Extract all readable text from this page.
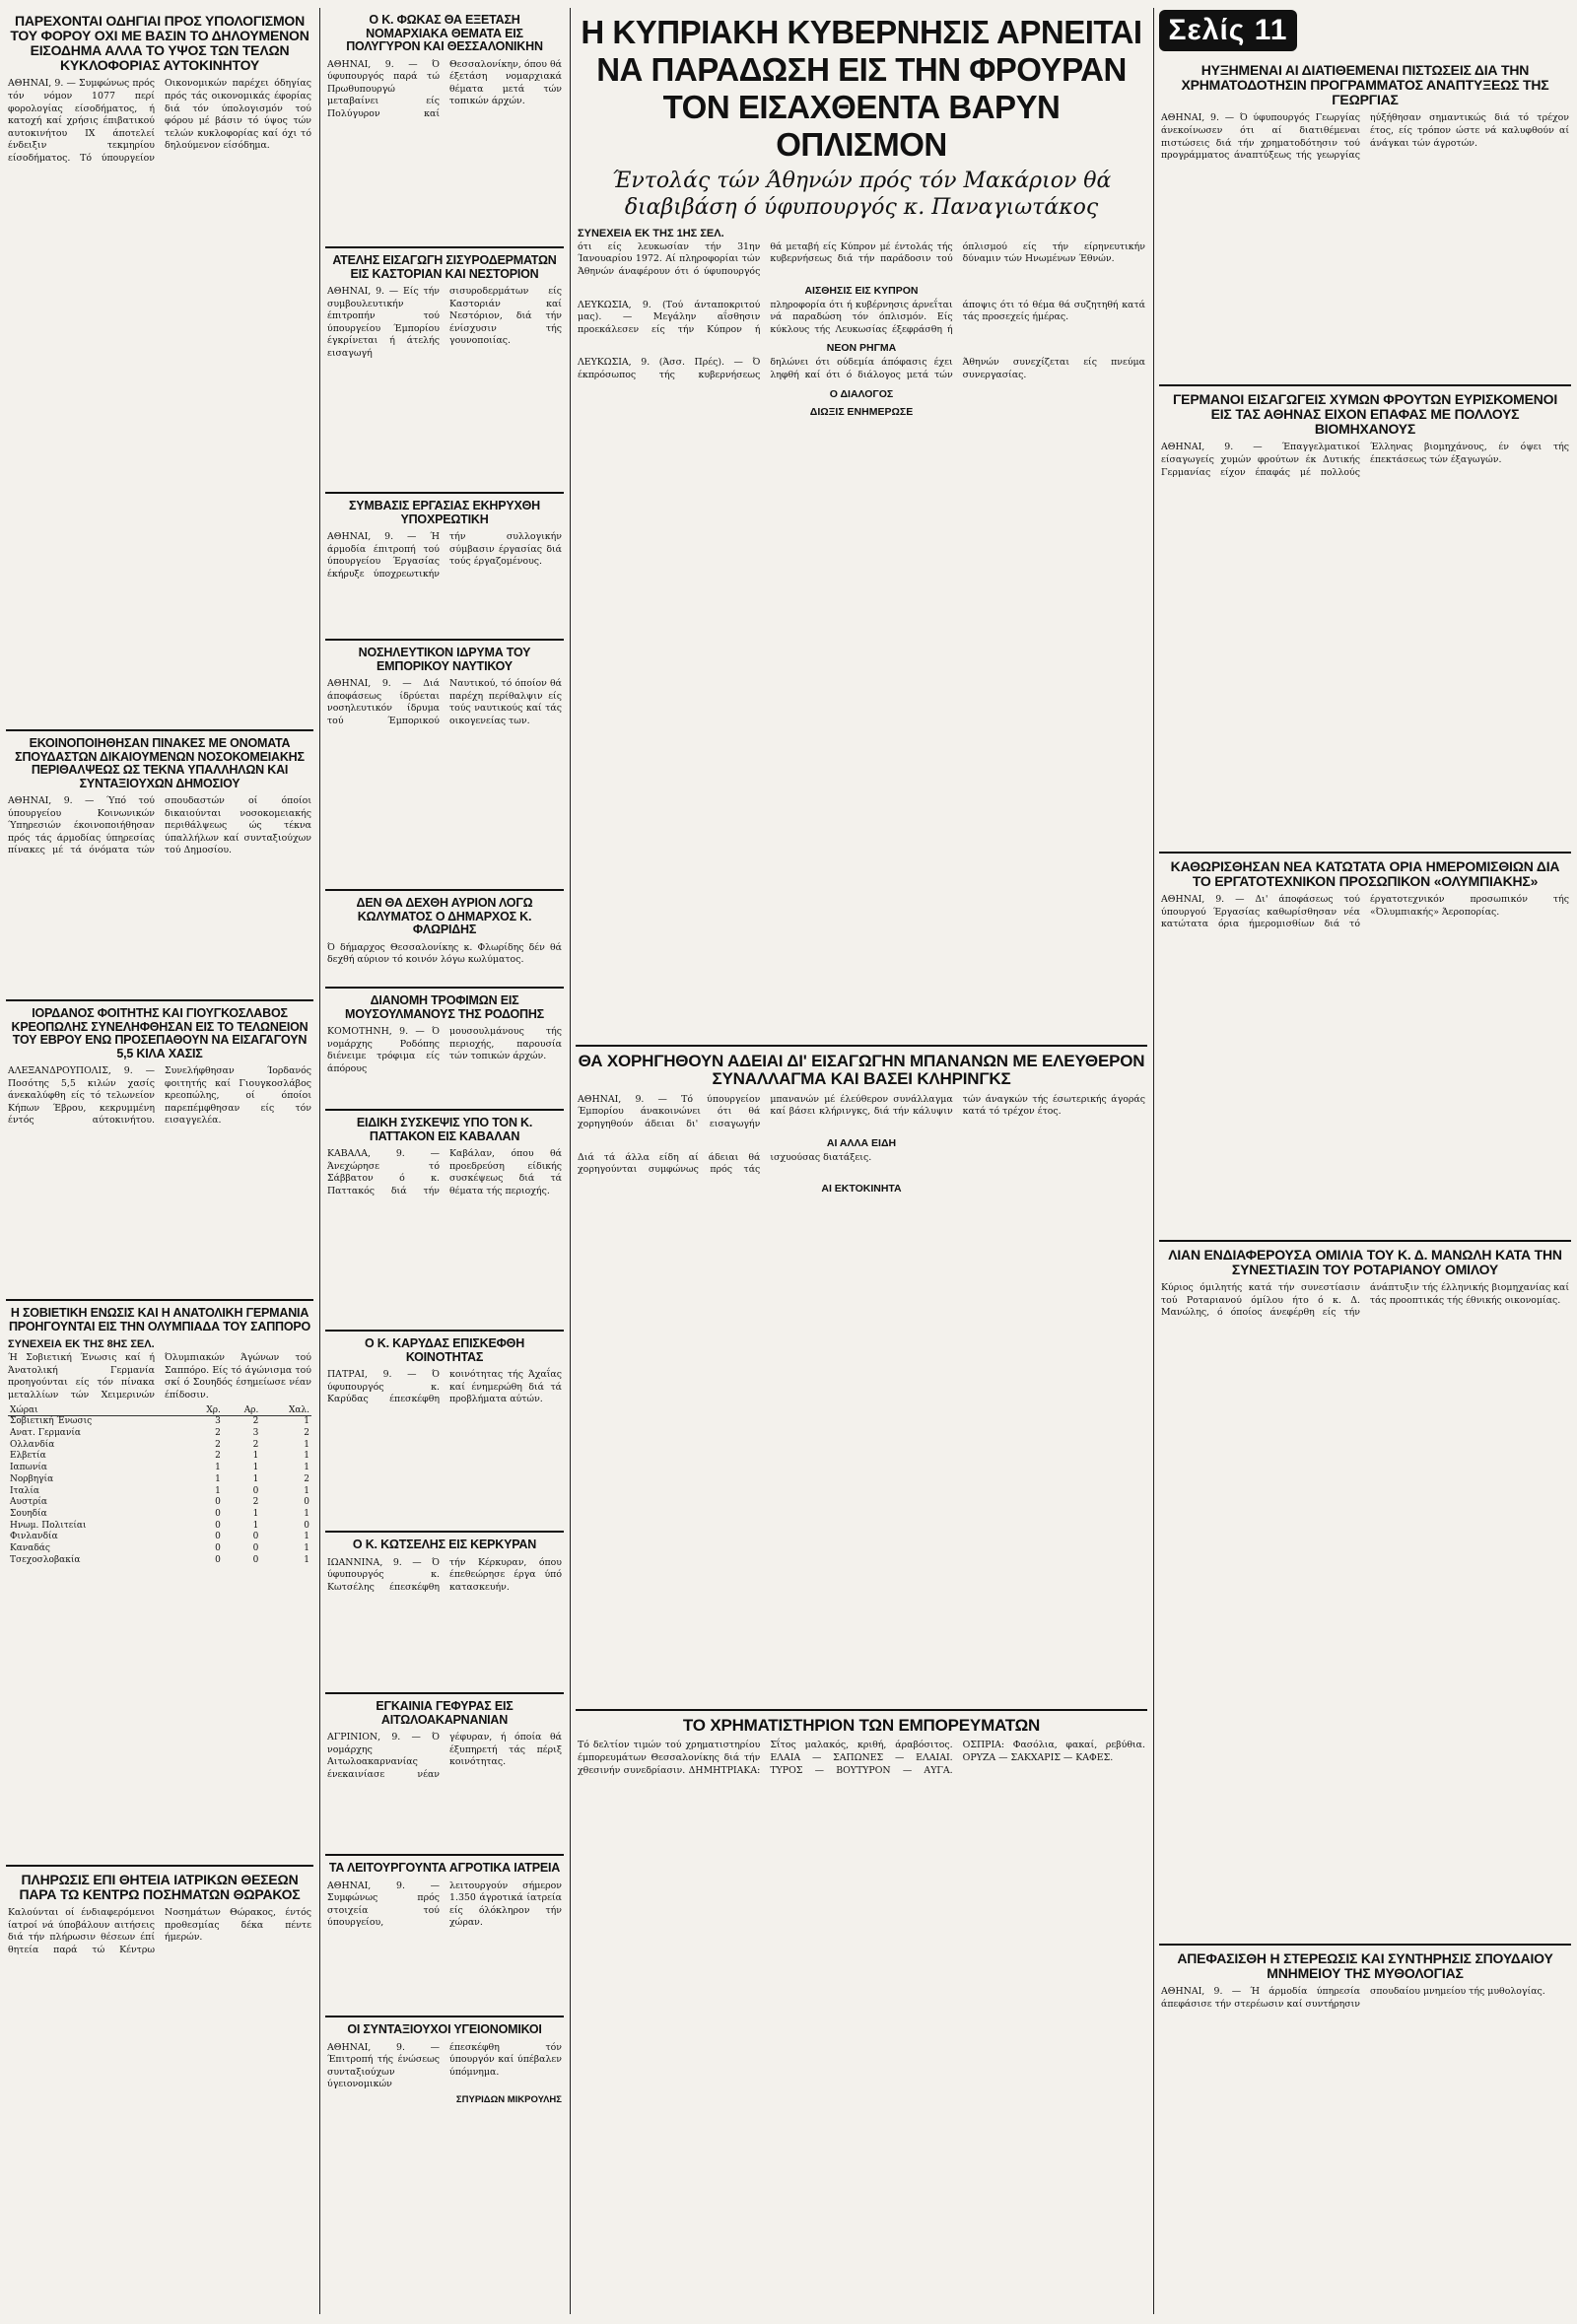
ΠΑΡΕΧΟΝΤΑΙ ΟΔΗΓΙΑΙ ΠΡΟΣ ΥΠΟΛΟΓΙΣΜΟΝ ΤΟΥ ΦΟΡΟΥ ΟΧΙ ΜΕ ΒΑΣΙΝ ΤΟ ΔΗΛΟΥΜΕΝΟΝ ΕΙΣΟΔΗΜΑ ΑΛΛΑ ΤΟ ΥΨΟΣ ΤΩΝ ΤΕΛΩΝ ΚΥΚΛΟΦΟΡΙΑΣ ΑΥΤΟΚΙΝΗΤΟΥ

ΑΘΗΝΑΙ, 9. — Συμφώνως πρός τόν νόμον 1077 περί φορολογίας είσοδήματος, ή κατοχή καί χρήσις έπιβατικού αυτοκινήτου ΙΧ άποτελεί ένδειξιν τεκμηρίου είσοδήματος. Τό ύπουργείον Οικονομικών παρέχει όδηγίας πρός τάς οικονομικάς έφορίας διά τόν ύπολογισμόν τού φόρου μέ βάσιν τό ύψος τών τελών κυκλοφορίας καί όχι τό δηλούμενον είσόδημα.

ΕΚΟΙΝΟΠΟΙΗΘΗΣΑΝ ΠΙΝΑΚΕΣ ΜΕ ΟΝΟΜΑΤΑ ΣΠΟΥΔΑΣΤΩΝ ΔΙΚΑΙΟΥΜΕΝΩΝ ΝΟΣΟΚΟΜΕΙΑΚΗΣ ΠΕΡΙΘΑΛΨΕΩΣ ΩΣ ΤΕΚΝΑ ΥΠΑΛΛΗΛΩΝ ΚΑΙ ΣΥΝΤΑΞΙΟΥΧΩΝ ΔΗΜΟΣΙΟΥ

ΑΘΗΝΑΙ, 9. — Ύπό τού ύπουργείου Κοινωνικών Ύπηρεσιών έκοινοποιήθησαν πρός τάς άρμοδίας ύπηρεσίας πίνακες μέ τά όνόματα τών σπουδαστών οί όποίοι δικαιούνται νοσοκομειακής περιθάλψεως ώς τέκνα ύπαλλήλων καί συνταξιούχων τού Δημοσίου.

ΙΟΡΔΑΝΟΣ ΦΟΙΤΗΤΗΣ ΚΑΙ ΓΙΟΥΓΚΟΣΛΑΒΟΣ ΚΡΕΟΠΩΛΗΣ ΣΥΝΕΛΗΦΘΗΣΑΝ ΕΙΣ ΤΟ ΤΕΛΩΝΕΙΟΝ ΤΟΥ ΕΒΡΟΥ ΕΝΩ ΠΡΟΣΕΠΑΘΟΥΝ ΝΑ ΕΙΣΑΓΑΓΟΥΝ 5,5 ΚΙΛΑ ΧΑΣΙΣ

ΑΛΕΞΑΝΔΡΟΥΠΟΛΙΣ, 9. — Ποσότης 5,5 κιλών χασίς άνεκαλύφθη είς τό τελωνείον Κήπων Έβρου, κεκρυμμένη έντός αύτοκινήτου. Συνελήφθησαν Ίορδανός φοιτητής καί Γιουγκοσλάβος κρεοπώλης, οί όποίοι παρεπέμφθησαν είς τόν εισαγγελέα.

Η ΣΟΒΙΕΤΙΚΗ ΕΝΩΣΙΣ ΚΑΙ Η ΑΝΑΤΟΛΙΚΗ ΓΕΡΜΑΝΙΑ ΠΡΟΗΓΟΥΝΤΑΙ ΕΙΣ ΤΗΝ ΟΛΥΜΠΙΑΔΑ ΤΟΥ ΣΑΠΠΟΡΟ
ΣΥΝΕΧΕΙΑ ΕΚ ΤΗΣ 8ΗΣ ΣΕΛ.

Ή Σοβιετική Ένωσις καί ή Άνατολική Γερμανία προηγούνται είς τόν πίνακα μεταλλίων τών Χειμερινών Όλυμπιακών Άγώνων τού Σαππόρο. Είς τό άγώνισμα τού σκί ό Σουηδός έσημείωσε νέαν έπίδοσιν.

Χώραι	Χρ.	Αρ.	Χαλ.
Σοβιετική Ένωσις	3	2	1
Ανατ. Γερμανία	2	3	2
Ολλανδία	2	2	1
Ελβετία	2	1	1
Ιαπωνία	1	1	1
Νορβηγία	1	1	2
Ιταλία	1	0	1
Αυστρία	0	2	0
Σουηδία	0	1	1
Ηνωμ. Πολιτείαι	0	1	0
Φινλανδία	0	0	1
Καναδάς	0	0	1
Τσεχοσλοβακία	0	0	1
ΠΛΗΡΩΣΙΣ ΕΠΙ ΘΗΤΕΙΑ ΙΑΤΡΙΚΩΝ ΘΕΣΕΩΝ ΠΑΡΑ ΤΩ ΚΕΝΤΡΩ ΠΟΣΗΜΑΤΩΝ ΘΩΡΑΚΟΣ

Καλούνται οί ένδιαφερόμενοι ίατροί νά ύποβάλουν αιτήσεις διά τήν πλήρωσιν θέσεων έπί θητεία παρά τώ Κέντρω Νοσημάτων Θώρακος, έντός προθεσμίας δέκα πέντε ήμερών.

Ο Κ. ΦΩΚΑΣ ΘΑ ΕΞΕΤΑΣΗ ΝΟΜΑΡΧΙΑΚΑ ΘΕΜΑΤΑ ΕΙΣ ΠΟΛΥΓΥΡΟΝ ΚΑΙ ΘΕΣΣΑΛΟΝΙΚΗΝ

ΑΘΗΝΑΙ, 9. — Ό ύφυπουργός παρά τώ Πρωθυπουργώ μεταβαίνει είς Πολύγυρον καί Θεσσαλονίκην, όπου θά έξετάση νομαρχιακά θέματα μετά τών τοπικών άρχών.

ΑΤΕΛΗΣ ΕΙΣΑΓΩΓΗ ΣΙΣΥΡΟΔΕΡΜΑΤΩΝ ΕΙΣ ΚΑΣΤΟΡΙΑΝ ΚΑΙ ΝΕΣΤΟΡΙΟΝ

ΑΘΗΝΑΙ, 9. — Είς τήν συμβουλευτικήν έπιτροπήν τού ύπουργείου Έμπορίου έγκρίνεται ή άτελής εισαγωγή σισυροδερμάτων είς Καστοριάν καί Νεστόριον, διά τήν ένίσχυσιν τής γουνοποιίας.

ΣΥΜΒΑΣΙΣ ΕΡΓΑΣΙΑΣ ΕΚΗΡΥΧΘΗ ΥΠΟΧΡΕΩΤΙΚΗ

ΑΘΗΝΑΙ, 9. — Ή άρμοδία έπιτροπή τού ύπουργείου Έργασίας έκήρυξε ύποχρεωτικήν τήν συλλογικήν σύμβασιν έργασίας διά τούς έργαζομένους.

ΝΟΣΗΛΕΥΤΙΚΟΝ ΙΔΡΥΜΑ ΤΟΥ ΕΜΠΟΡΙΚΟΥ ΝΑΥΤΙΚΟΥ

ΑΘΗΝΑΙ, 9. — Διά άποφάσεως ίδρύεται νοσηλευτικόν ίδρυμα τού Έμπορικού Ναυτικού, τό όποίον θά παρέχη περίθαλψιν είς τούς ναυτικούς καί τάς οικογενείας των.

ΔΕΝ ΘΑ ΔΕΧΘΗ ΑΥΡΙΟΝ ΛΟΓΩ ΚΩΛΥΜΑΤΟΣ Ο ΔΗΜΑΡΧΟΣ Κ. ΦΛΩΡΙΔΗΣ

Ό δήμαρχος Θεσσαλονίκης κ. Φλωρίδης δέν θά δεχθή αύριον τό κοινόν λόγω κωλύματος.

ΔΙΑΝΟΜΗ ΤΡΟΦΙΜΩΝ ΕΙΣ ΜΟΥΣΟΥΛΜΑΝΟΥΣ ΤΗΣ ΡΟΔΟΠΗΣ

ΚΟΜΟΤΗΝΗ, 9. — Ό νομάρχης Ροδόπης διένειμε τρόφιμα είς άπόρους μουσουλμάνους τής περιοχής, παρουσία τών τοπικών άρχών.

ΕΙΔΙΚΗ ΣΥΣΚΕΨΙΣ ΥΠΟ ΤΟΝ Κ. ΠΑΤΤΑΚΟΝ ΕΙΣ ΚΑΒΑΛΑΝ

ΚΑΒΑΛΑ, 9. — Άνεχώρησε τό Σάββατον ό κ. Παττακός διά τήν Καβάλαν, όπου θά προεδρεύση είδικής συσκέψεως διά τά θέματα τής περιοχής.

Ο Κ. ΚΑΡΥΔΑΣ ΕΠΙΣΚΕΦΘΗ ΚΟΙΝΟΤΗΤΑΣ

ΠΑΤΡΑΙ, 9. — Ό ύφυπουργός κ. Καρύδας έπεσκέφθη κοινότητας τής Άχαΐας καί ένημερώθη διά τά προβλήματα αύτών.

Ο Κ. ΚΩΤΣΕΛΗΣ ΕΙΣ ΚΕΡΚΥΡΑΝ

ΙΩΑΝΝΙΝΑ, 9. — Ό ύφυπουργός κ. Κωτσέλης έπεσκέφθη τήν Κέρκυραν, όπου έπεθεώρησε έργα ύπό κατασκευήν.

ΕΓΚΑΙΝΙΑ ΓΕΦΥΡΑΣ ΕΙΣ ΑΙΤΩΛΟΑΚΑΡΝΑΝΙΑΝ

ΑΓΡΙΝΙΟΝ, 9. — Ό νομάρχης Αιτωλοακαρνανίας ένεκαινίασε νέαν γέφυραν, ή όποία θά έξυπηρετή τάς πέριξ κοινότητας.

ΤΑ ΛΕΙΤΟΥΡΓΟΥΝΤΑ ΑΓΡΟΤΙΚΑ ΙΑΤΡΕΙΑ

ΑΘΗΝΑΙ, 9. — Συμφώνως πρός στοιχεία τού ύπουργείου, λειτουργούν σήμερον 1.350 άγροτικά ίατρεία είς όλόκληρον τήν χώραν.

ΟΙ ΣΥΝΤΑΞΙΟΥΧΟΙ ΥΓΕΙΟΝΟΜΙΚΟΙ

ΑΘΗΝΑΙ, 9. — Έπιτροπή τής ένώσεως συνταξιούχων ύγειονομικών έπεσκέφθη τόν ύπουργόν καί ύπέβαλεν ύπόμνημα.

ΣΠΥΡΙΔΩΝ ΜΙΚΡΟΥΛΗΣ
Η ΚΥΠΡΙΑΚΗ ΚΥΒΕΡΝΗΣΙΣ ΑΡΝΕΙΤΑΙ ΝΑ ΠΑΡΑΔΩΣΗ ΕΙΣ ΤΗΝ ΦΡΟΥΡΑΝ ΤΟΝ ΕΙΣΑΧΘΕΝΤΑ ΒΑΡΥΝ ΟΠΛΙΣΜΟΝ
Έντολάς τών Άθηνών πρός τόν Μακάριον θά διαβιβάση ό ύφυπουργός κ. Παναγιωτάκος
ΣΥΝΕΧΕΙΑ ΕΚ ΤΗΣ 1ΗΣ ΣΕΛ.

ότι είς λευκωσίαν τήν 31ην Ίανουαρίου 1972. Αί πληροφορίαι τών Άθηνών άναφέρουν ότι ό ύφυπουργός θά μεταβή είς Κύπρον μέ έντολάς τής κυβερνήσεως διά τήν παράδοσιν τού όπλισμού είς τήν είρηνευτικήν δύναμιν τών Ηνωμένων Έθνών.

ΑΙΣΘΗΣΙΣ ΕΙΣ ΚΥΠΡΟΝ

ΛΕΥΚΩΣΙΑ, 9. (Τού άνταποκριτού μας). — Μεγάλην αΐσθησιν προεκάλεσεν είς τήν Κύπρον ή πληροφορία ότι ή κυβέρνησις άρνεΐται νά παραδώση τόν όπλισμόν. Είς κύκλους τής Λευκωσίας έξεφράσθη ή άποψις ότι τό θέμα θά συζητηθή κατά τάς προσεχείς ήμέρας.

ΝΕΟΝ ΡΗΓΜΑ

ΛΕΥΚΩΣΙΑ, 9. (Άσσ. Πρές). — Ό έκπρόσωπος τής κυβερνήσεως δηλώνει ότι ούδεμία άπόφασις έχει ληφθή καί ότι ό διάλογος μετά τών Άθηνών συνεχίζεται είς πνεύμα συνεργασίας.

Ο ΔΙΑΛΟΓΟΣ
ΔΙΩΞΙΣ ΕΝΗΜΕΡΩΣΕ
ΘΑ ΧΟΡΗΓΗΘΟΥΝ ΑΔΕΙΑΙ ΔΙ' ΕΙΣΑΓΩΓΗΝ ΜΠΑΝΑΝΩΝ ΜΕ ΕΛΕΥΘΕΡΟΝ ΣΥΝΑΛΛΑΓΜΑ ΚΑΙ ΒΑΣΕΙ ΚΛΗΡΙΝΓΚΣ

ΑΘΗΝΑΙ, 9. — Τό ύπουργείον Έμπορίου άνακοινώνει ότι θά χορηγηθούν άδειαι δι' εισαγωγήν μπανανών μέ έλεύθερον συνάλλαγμα καί βάσει κλήρινγκς, διά τήν κάλυψιν τών άναγκών τής έσωτερικής άγοράς κατά τό τρέχον έτος.

ΑΙ ΑΛΛΑ ΕΙΔΗ

Διά τά άλλα είδη αί άδειαι θά χορηγούνται συμφώνως πρός τάς ισχυούσας διατάξεις.

ΑΙ ΕΚΤΟΚΙΝΗΤΑ
ΤΟ ΧΡΗΜΑΤΙΣΤΗΡΙΟΝ ΤΩΝ ΕΜΠΟΡΕΥΜΑΤΩΝ

Τό δελτίον τιμών τού χρηματιστηρίου έμπορευμάτων Θεσσαλονίκης διά τήν χθεσινήν συνεδρίασιν. ΔΗΜΗΤΡΙΑΚΑ: Σΐτος μαλακός, κριθή, άραβόσιτος. ΕΛΑΙΑ — ΣΑΠΩΝΕΣ — ΕΛΑΙΑΙ. ΤΥΡΟΣ — ΒΟΥΤΥΡΟΝ — ΑΥΓΑ. ΟΣΠΡΙΑ: Φασόλια, φακαί, ρεβύθια. ΟΡΥΖΑ — ΣΑΚΧΑΡΙΣ — ΚΑΦΕΣ.

Σελίς 11
ΗΥΞΗΜΕΝΑΙ ΑΙ ΔΙΑΤΙΘΕΜΕΝΑΙ ΠΙΣΤΩΣΕΙΣ ΔΙΑ ΤΗΝ ΧΡΗΜΑΤΟΔΟΤΗΣΙΝ ΠΡΟΓΡΑΜΜΑΤΟΣ ΑΝΑΠΤΥΞΕΩΣ ΤΗΣ ΓΕΩΡΓΙΑΣ

ΑΘΗΝΑΙ, 9. — Ό ύφυπουργός Γεωργίας άνεκοίνωσεν ότι αί διατιθέμεναι πιστώσεις διά τήν χρηματοδότησιν τού προγράμματος άναπτύξεως τής γεωργίας ηύξήθησαν σημαντικώς διά τό τρέχον έτος, είς τρόπον ώστε νά καλυφθούν αί άνάγκαι τών άγροτών.

ΓΕΡΜΑΝΟΙ ΕΙΣΑΓΩΓΕΙΣ ΧΥΜΩΝ ΦΡΟΥΤΩΝ ΕΥΡΙΣΚΟΜΕΝΟΙ ΕΙΣ ΤΑΣ ΑΘΗΝΑΣ ΕΙΧΟΝ ΕΠΑΦΑΣ ΜΕ ΠΟΛΛΟΥΣ ΒΙΟΜΗΧΑΝΟΥΣ

ΑΘΗΝΑΙ, 9. — Έπαγγελματικοί είσαγωγείς χυμών φρούτων έκ Δυτικής Γερμανίας είχον έπαφάς μέ πολλούς Έλληνας βιομηχάνους, έν όψει τής έπεκτάσεως τών έξαγωγών.

ΚΑΘΩΡΙΣΘΗΣΑΝ ΝΕΑ ΚΑΤΩΤΑΤΑ ΟΡΙΑ ΗΜΕΡΟΜΙΣΘΙΩΝ ΔΙΑ ΤΟ ΕΡΓΑΤΟΤΕΧΝΙΚΟΝ ΠΡΟΣΩΠΙΚΟΝ «ΟΛΥΜΠΙΑΚΗΣ»

ΑΘΗΝΑΙ, 9. — Δι' άποφάσεως τού ύπουργού Έργασίας καθωρίσθησαν νέα κατώτατα όρια ήμερομισθίων διά τό έργατοτεχνικόν προσωπικόν τής «Όλυμπιακής» Άεροπορίας.

ΛΙΑΝ ΕΝΔΙΑΦΕΡΟΥΣΑ ΟΜΙΛΙΑ ΤΟΥ Κ. Δ. ΜΑΝΩΛΗ ΚΑΤΑ ΤΗΝ ΣΥΝΕΣΤΙΑΣΙΝ ΤΟΥ ΡΟΤΑΡΙΑΝΟΥ ΟΜΙΛΟΥ

Κύριος όμιλητής κατά τήν συνεστίασιν τού Ροταριανού όμίλου ήτο ό κ. Δ. Μανώλης, ό όποίος άνεφέρθη είς τήν άνάπτυξιν τής έλληνικής βιομηχανίας καί τάς προοπτικάς τής έθνικής οικονομίας.

ΑΠΕΦΑΣΙΣΘΗ Η ΣΤΕΡΕΩΣΙΣ ΚΑΙ ΣΥΝΤΗΡΗΣΙΣ ΣΠΟΥΔΑΙΟΥ ΜΝΗΜΕΙΟΥ ΤΗΣ ΜΥΘΟΛΟΓΙΑΣ

ΑΘΗΝΑΙ, 9. — Ή άρμοδία ύπηρεσία άπεφάσισε τήν στερέωσιν καί συντήρησιν σπουδαίου μνημείου τής μυθολογίας.
